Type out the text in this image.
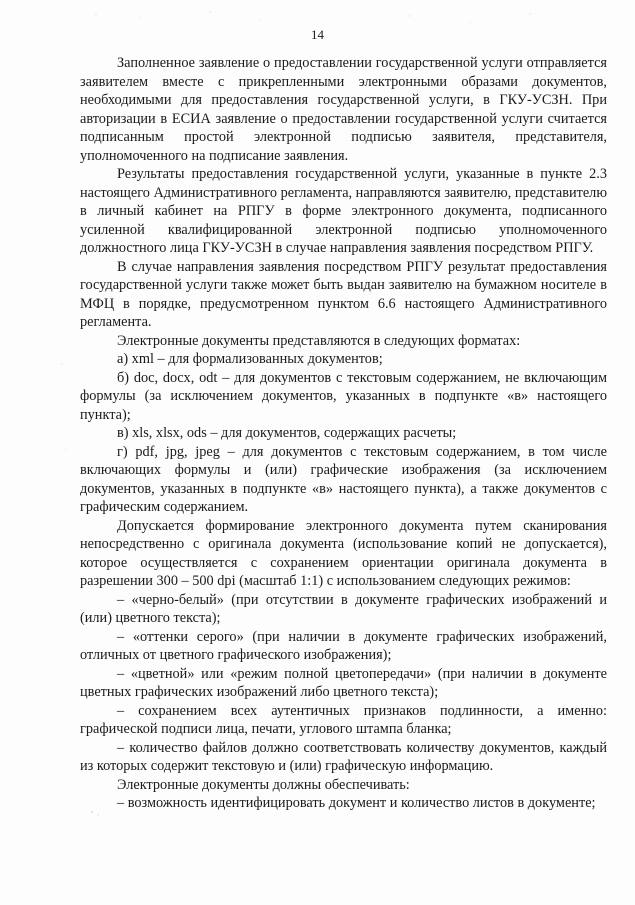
14

Заполненное заявление о предоставлении государственной услуги отправляется заявителем вместе с прикрепленными электронными образами документов, необходимыми для предоставления государственной услуги, в ГКУ-УСЗН. При авторизации в ЕСИА заявление о предоставлении государственной услуги считается подписанным простой электронной подписью заявителя, представителя, уполномоченного на подписание заявления.

Результаты предоставления государственной услуги, указанные в пункте 2.3 настоящего Административного регламента, направляются заявителю, представителю в личный кабинет на РПГУ в форме электронного документа, подписанного усиленной квалифицированной электронной подписью уполномоченного должностного лица ГКУ-УСЗН в случае направления заявления посредством РПГУ.

В случае направления заявления посредством РПГУ результат предоставления государственной услуги также может быть выдан заявителю на бумажном носителе в МФЦ в порядке, предусмотренном пунктом 6.6 настоящего Административного регламента.

Электронные документы представляются в следующих форматах:

а) xml – для формализованных документов;

б) doc, docx, odt – для документов с текстовым содержанием, не включающим формулы (за исключением документов, указанных в подпункте «в» настоящего пункта);

в) xls, xlsx, ods – для документов, содержащих расчеты;

г) pdf, jpg, jpeg – для документов с текстовым содержанием, в том числе включающих формулы и (или) графические изображения (за исключением документов, указанных в подпункте «в» настоящего пункта), а также документов с графическим содержанием.

Допускается формирование электронного документа путем сканирования непосредственно с оригинала документа (использование копий не допускается), которое осуществляется с сохранением ориентации оригинала документа в разрешении 300 – 500 dpi (масштаб 1:1) с использованием следующих режимов:

– «черно-белый» (при отсутствии в документе графических изображений и (или) цветного текста);

– «оттенки серого» (при наличии в документе графических изображений, отличных от цветного графического изображения);

– «цветной» или «режим полной цветопередачи» (при наличии в документе цветных графических изображений либо цветного текста);

– сохранением всех аутентичных признаков подлинности, а именно: графической подписи лица, печати, углового штампа бланка;

– количество файлов должно соответствовать количеству документов, каждый из которых содержит текстовую и (или) графическую информацию.

Электронные документы должны обеспечивать:

– возможность идентифицировать документ и количество листов в документе;
